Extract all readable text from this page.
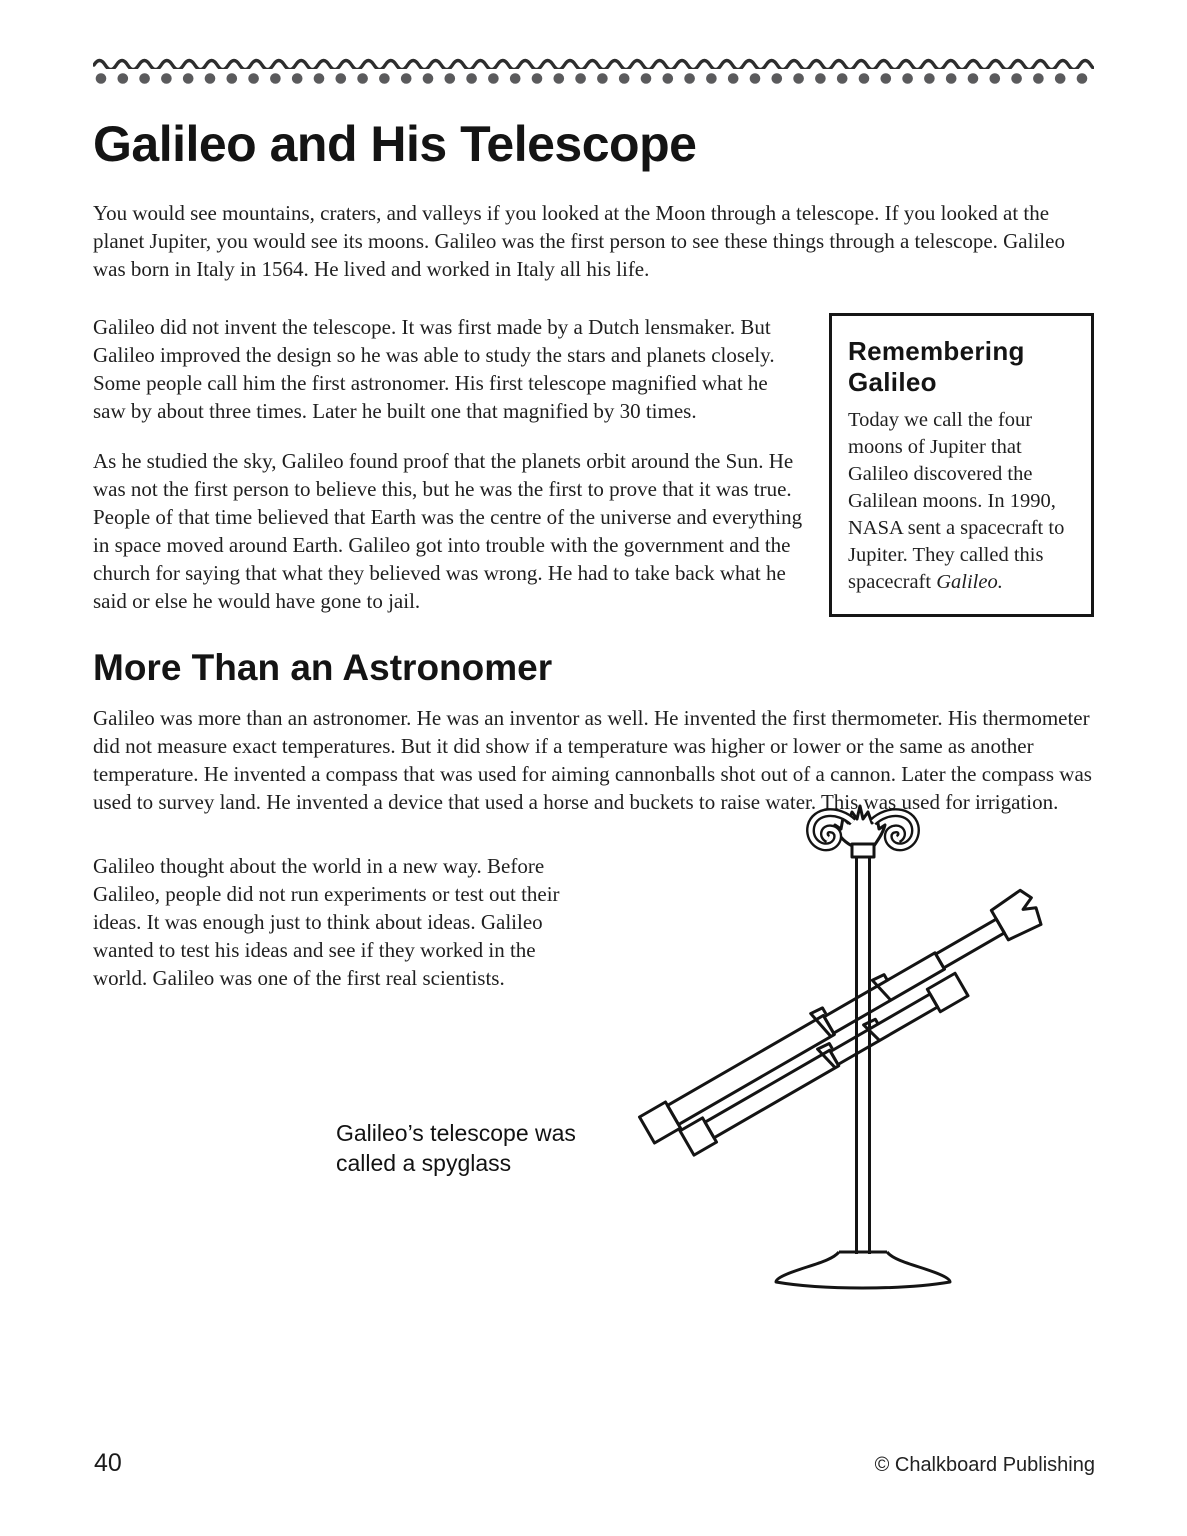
Galileo and His Telescope

You would see mountains, craters, and valleys if you looked at the Moon through a telescope. If you looked at the planet Jupiter, you would see its moons. Galileo was the first person to see these things through a telescope. Galileo was born in Italy in 1564. He lived and worked in Italy all his life.

Galileo did not invent the telescope. It was first made by a Dutch lensmaker. But Galileo improved the design so he was able to study the stars and planets closely. Some people call him the first astronomer. His first telescope magnified what he saw by about three times. Later he built one that magnified by 30 times.

As he studied the sky, Galileo found proof that the planets orbit around the Sun. He was not the first person to believe this, but he was the first to prove that it was true. People of that time believed that Earth was the centre of the universe and everything in space moved around Earth. Galileo got into trouble with the government and the church for saying that what they believed was wrong. He had to take back what he said or else he would have gone to jail.

Remembering Galileo

Today we call the four moons of Jupiter that Galileo discovered the Galilean moons. In 1990, NASA sent a spacecraft to Jupiter. They called this spacecraft Galileo.

More Than an Astronomer

Galileo was more than an astronomer. He was an inventor as well. He invented the first thermometer. His thermometer did not measure exact temperatures. But it did show if a temperature was higher or lower or the same as another temperature. He invented a compass that was used for aiming cannonballs shot out of a cannon. Later the compass was used to survey land. He invented a device that used a horse and buckets to raise water. This was used for irrigation.

Galileo thought about the world in a new way. Before Galileo, people did not run experiments or test out their ideas. It was enough just to think about ideas. Galileo wanted to test his ideas and see if they worked in the world. Galileo was one of the first real scientists.

Galileo’s telescope was
called a spyglass
40	© Chalkboard Publishing
